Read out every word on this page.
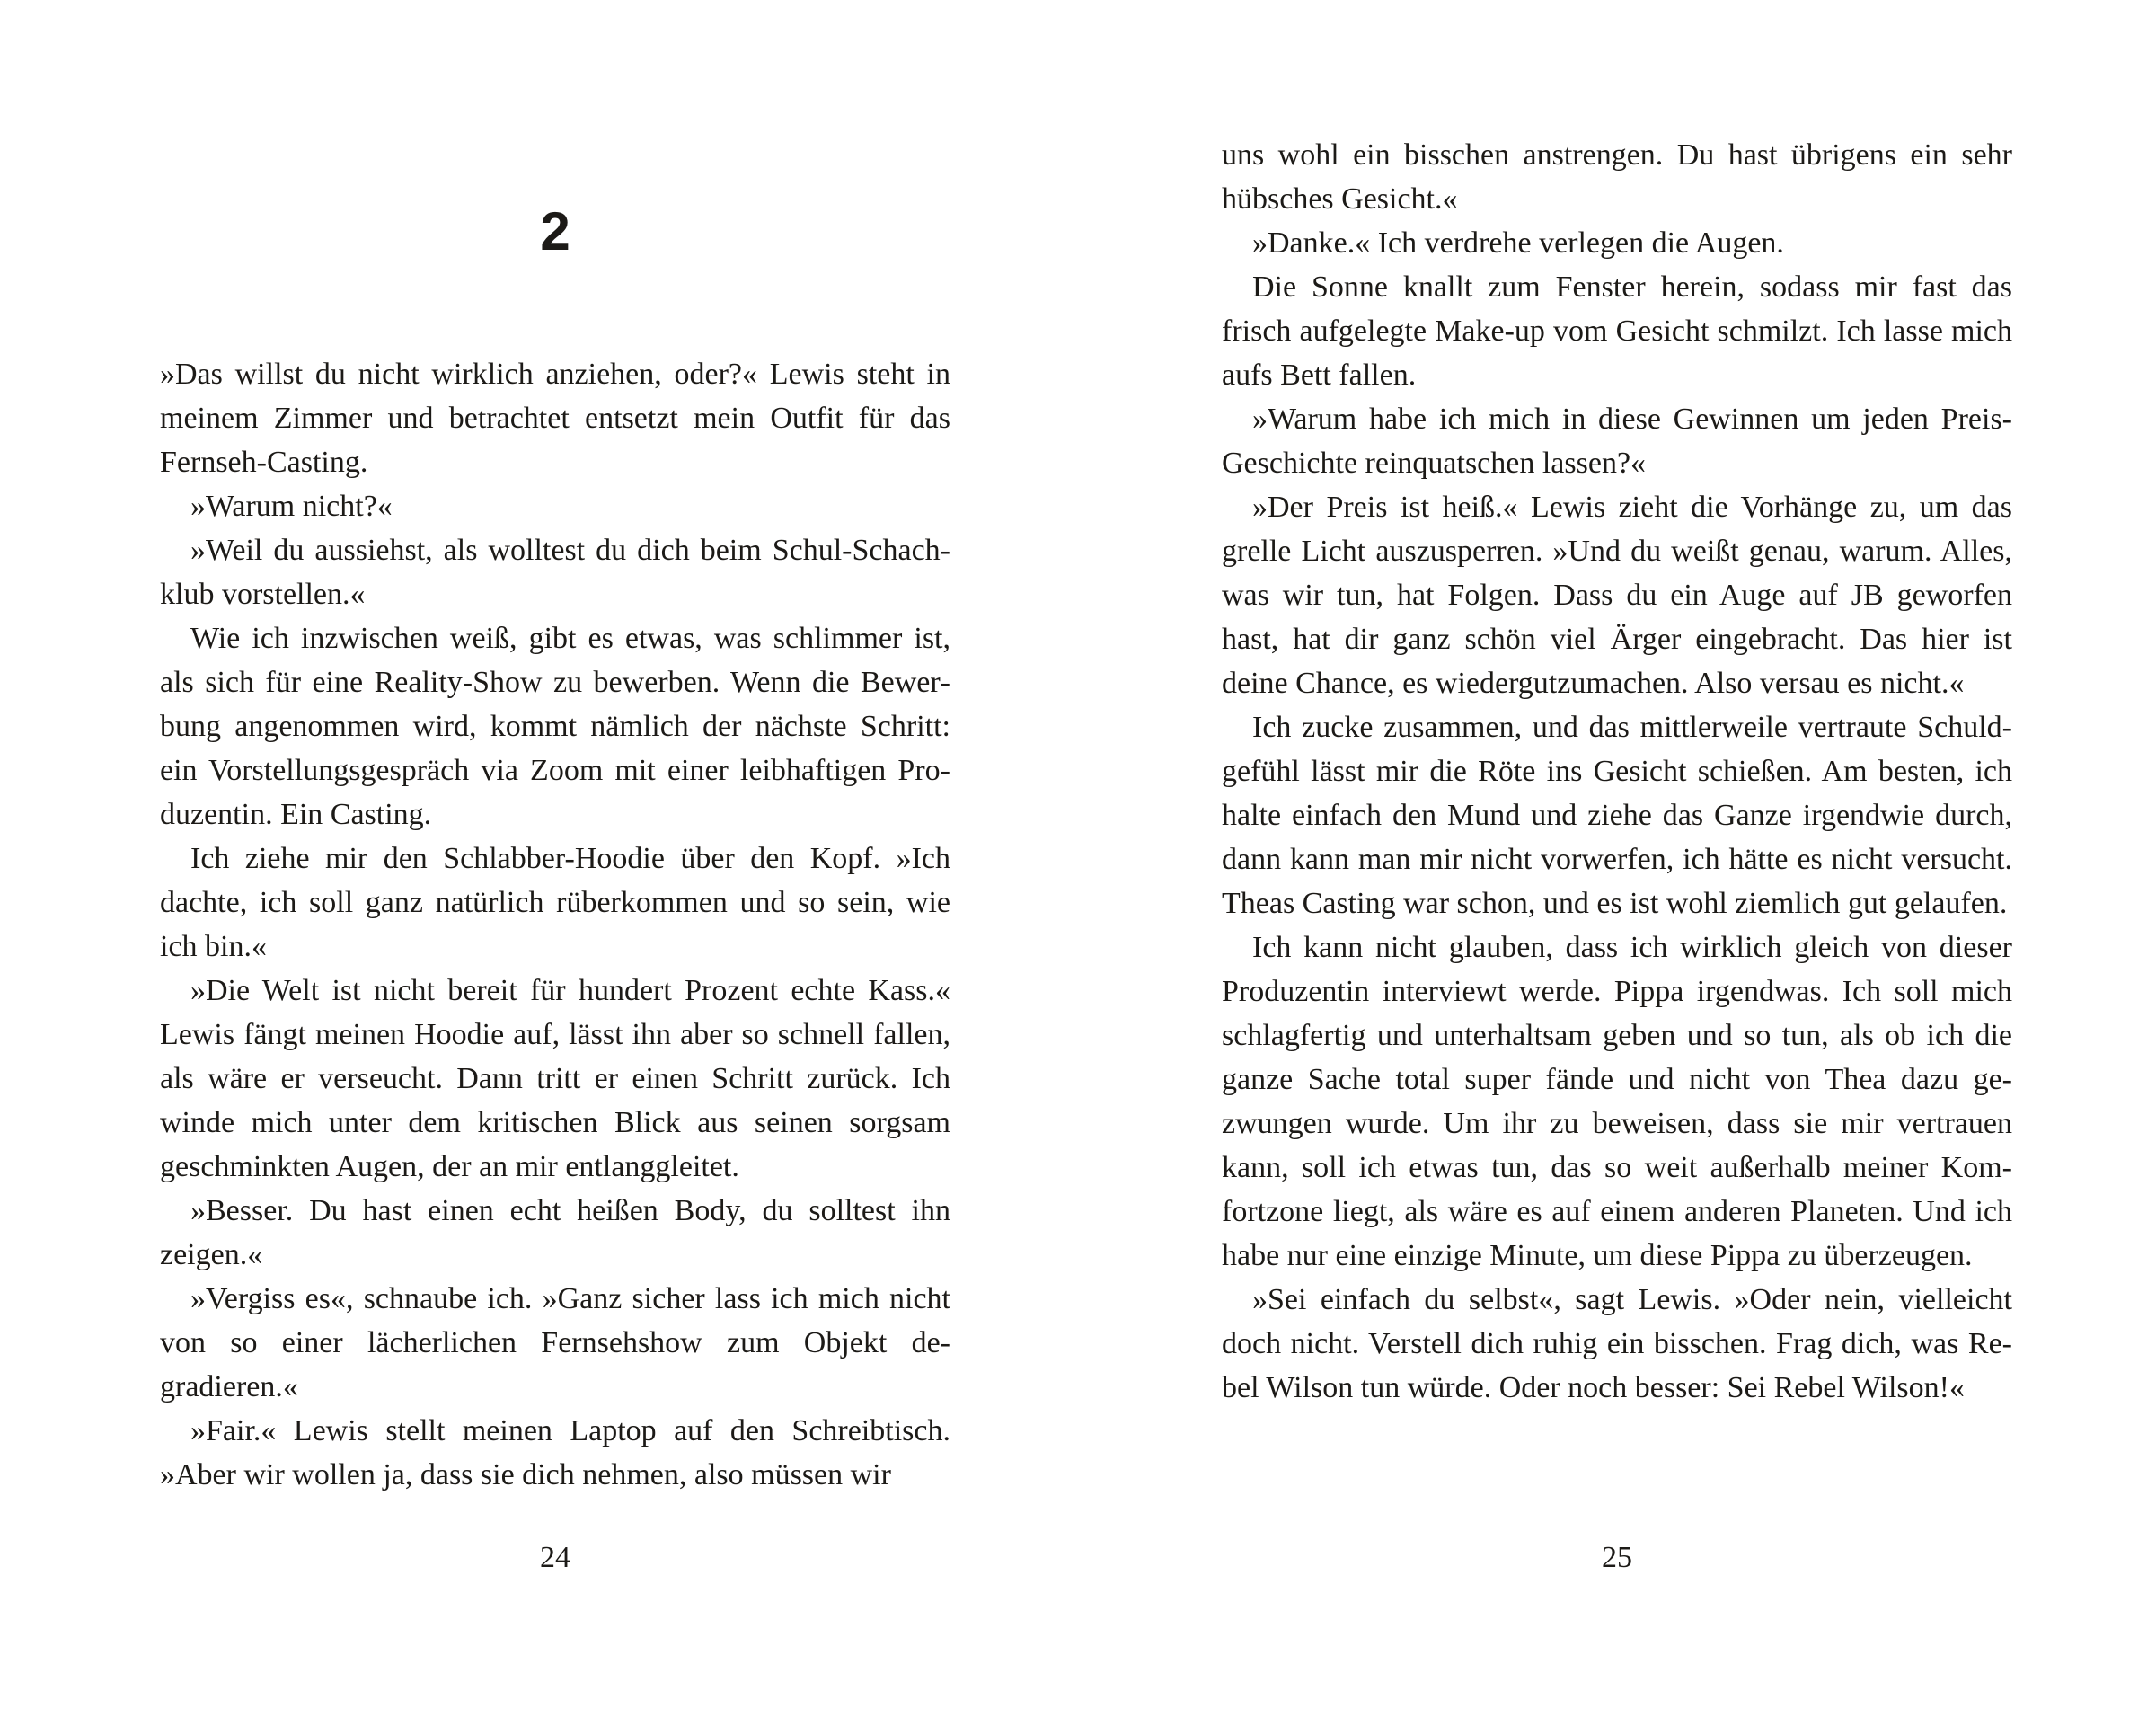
2

»Das willst du nicht wirklich anziehen, oder?« Lewis steht in meinem Zimmer und betrachtet entsetzt mein Outfit für das Fernseh-Casting.

»Warum nicht?«

»Weil du aussiehst, als wolltest du dich beim Schul-Schachklub vorstellen.«

Wie ich inzwischen weiß, gibt es etwas, was schlimmer ist, als sich für eine Reality-Show zu bewerben. Wenn die Bewerbung angenommen wird, kommt nämlich der nächste Schritt: ein Vorstellungsgespräch via Zoom mit einer leibhaftigen Produzentin. Ein Casting.

Ich ziehe mir den Schlabber-Hoodie über den Kopf. »Ich dachte, ich soll ganz natürlich rüberkommen und so sein, wie ich bin.«

»Die Welt ist nicht bereit für hundert Prozent echte Kass.« Lewis fängt meinen Hoodie auf, lässt ihn aber so schnell fallen, als wäre er verseucht. Dann tritt er einen Schritt zurück. Ich winde mich unter dem kritischen Blick aus seinen sorgsam geschminkten Augen, der an mir entlanggleitet.

»Besser. Du hast einen echt heißen Body, du solltest ihn zeigen.«

»Vergiss es«, schnaube ich. »Ganz sicher lass ich mich nicht von so einer lächerlichen Fernsehshow zum Objekt degradieren.«

»Fair.« Lewis stellt meinen Laptop auf den Schreibtisch. »Aber wir wollen ja, dass sie dich nehmen, also müssen wir

24

uns wohl ein bisschen anstrengen. Du hast übrigens ein sehr hübsches Gesicht.«

»Danke.« Ich verdrehe verlegen die Augen.

Die Sonne knallt zum Fenster herein, sodass mir fast das frisch aufgelegte Make-up vom Gesicht schmilzt. Ich lasse mich aufs Bett fallen.

»Warum habe ich mich in diese Gewinnen um jeden Preis-Geschichte reinquatschen lassen?«

»Der Preis ist heiß.« Lewis zieht die Vorhänge zu, um das grelle Licht auszusperren. »Und du weißt genau, warum. Alles, was wir tun, hat Folgen. Dass du ein Auge auf JB geworfen hast, hat dir ganz schön viel Ärger eingebracht. Das hier ist deine Chance, es wiedergutzumachen. Also versau es nicht.«

Ich zucke zusammen, und das mittlerweile vertraute Schuldgefühl lässt mir die Röte ins Gesicht schießen. Am besten, ich halte einfach den Mund und ziehe das Ganze irgendwie durch, dann kann man mir nicht vorwerfen, ich hätte es nicht versucht. Theas Casting war schon, und es ist wohl ziemlich gut gelaufen.

Ich kann nicht glauben, dass ich wirklich gleich von dieser Produzentin interviewt werde. Pippa irgendwas. Ich soll mich schlagfertig und unterhaltsam geben und so tun, als ob ich die ganze Sache total super fände und nicht von Thea dazu gezwungen wurde. Um ihr zu beweisen, dass sie mir vertrauen kann, soll ich etwas tun, das so weit außerhalb meiner Komfortzone liegt, als wäre es auf einem anderen Planeten. Und ich habe nur eine einzige Minute, um diese Pippa zu überzeugen.

»Sei einfach du selbst«, sagt Lewis. »Oder nein, vielleicht doch nicht. Verstell dich ruhig ein bisschen. Frag dich, was Rebel Wilson tun würde. Oder noch besser: Sei Rebel Wilson!«

25
